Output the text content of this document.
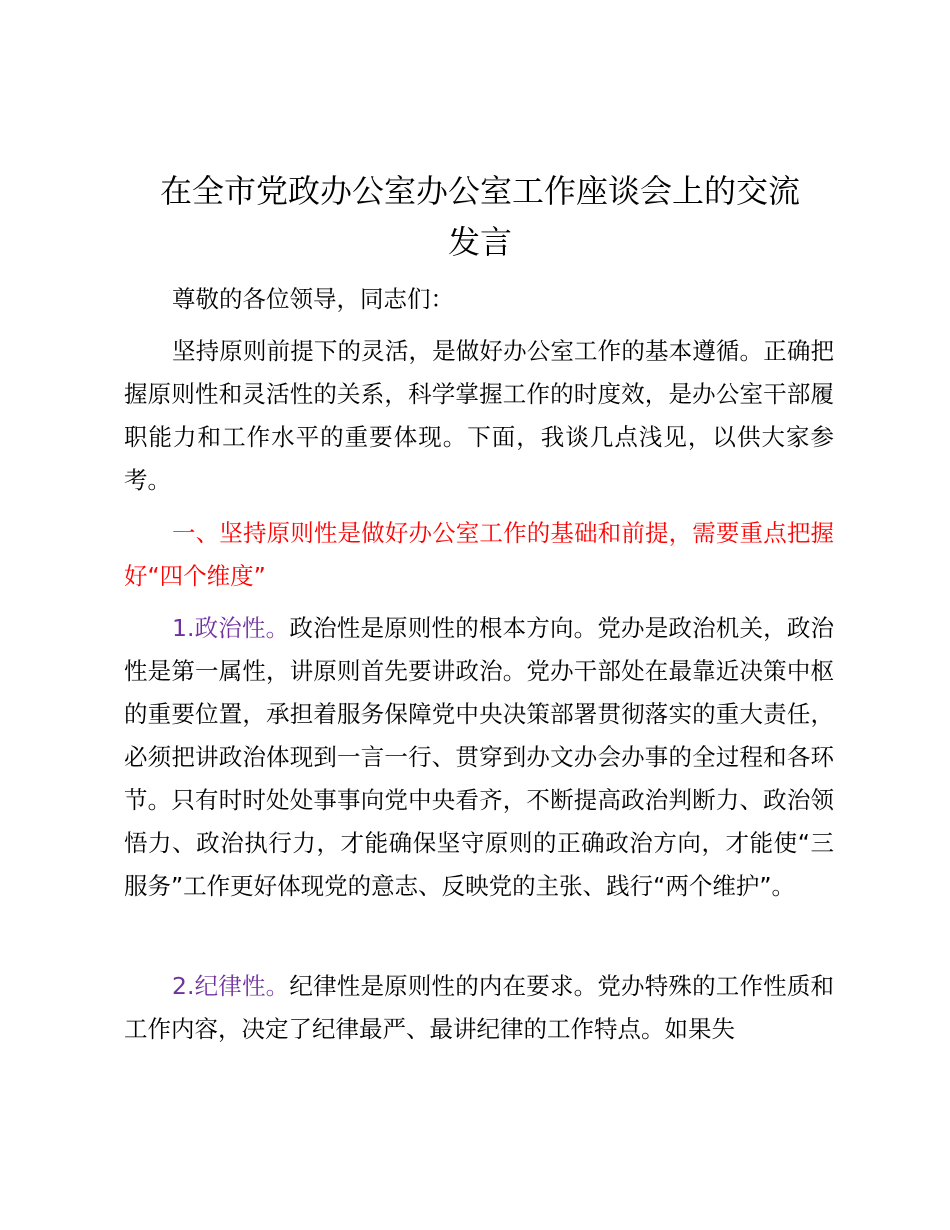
在全市党政办公室办公室工作座谈会上的交流
发言

尊敬的各位领导，同志们：

坚持原则前提下的灵活，是做好办公室工作的基本遵循。正确把握原则性和灵活性的关系，科学掌握工作的时度效，是办公室干部履职能力和工作水平的重要体现。下面，我谈几点浅见，以供大家参考。

一、坚持原则性是做好办公室工作的基础和前提，需要重点把握好“四个维度”

1.政治性。政治性是原则性的根本方向。党办是政治机关，政治性是第一属性，讲原则首先要讲政治。党办干部处在最靠近决策中枢的重要位置，承担着服务保障党中央决策部署贯彻落实的重大责任，必须把讲政治体现到一言一行、贯穿到办文办会办事的全过程和各环节。只有时时处处事事向党中央看齐，不断提高政治判断力、政治领悟力、政治执行力，才能确保坚守原则的正确政治方向，才能使“三服务”工作更好体现党的意志、反映党的主张、践行“两个维护”。

2.纪律性。纪律性是原则性的内在要求。党办特殊的工作性质和工作内容，决定了纪律最严、最讲纪律的工作特点。如果失
